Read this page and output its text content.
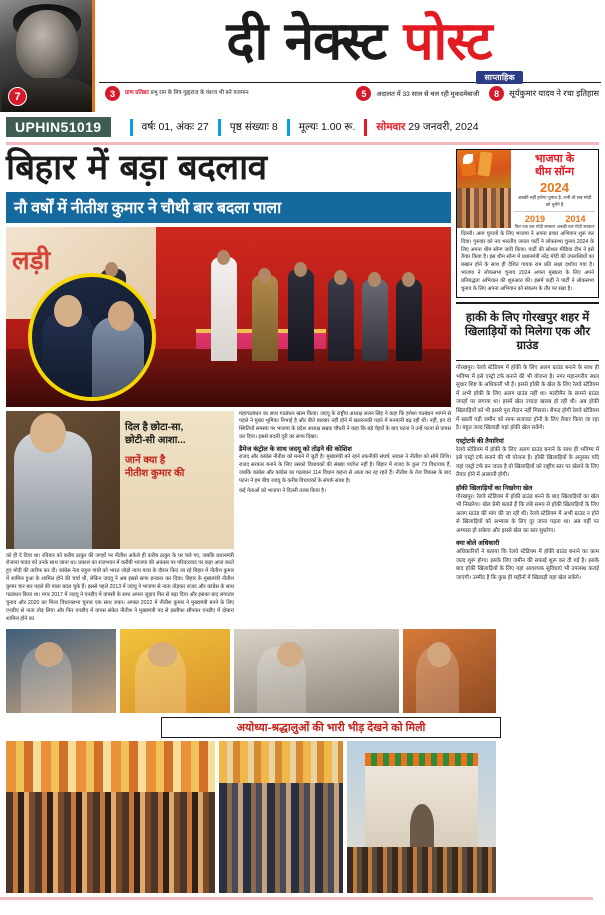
7
दी नेक्स्ट पोस्ट
साप्ताहिक
3	प्राण प्रतिष्ठाः प्रभु राम के मित्र गुह्यराज के वंशज भी बने यजमान	5	अदालत में 33 साल से चल रही मुकदमेबाजी	8	सूर्यकुमार यादव ने रचा इतिहास
UPHIN51019	वर्षः 01, अंकः 27 पृष्ठ संख्याः 8 मूल्यः 1.00 रू. सोमवार 29 जनवरी, 2024
बिहार में बड़ा बदलाव
नौ वर्षों में नीतीश कुमार ने चौथी बार बदला पाला
लड़ी
दिल है छोटा-सा,
छोटी-सी आशा...
जानें क्या है
नीतीश कुमार की
को ही दे दिया था। रविवार को करीब ठाकुर की जगहों पर नीतीश अकेले ही करीब ठाकुर के घर चले गए, जबकि प्रधानमंत्री रोजाना पादव को उनके साथ जाना था। प्रकाश का राजभवन में करीबी भाजपा की अकसर पर परिवारवाद पर कहा आज करते हुए मोदी की तारीफ कर दी। कांग्रेस नेता राहुल गांधी को भारत जोड़ो न्याय यात्रा के दौरान किए जा रहे बिहार में नीतीश कुमार में शामिल हुआ के शामिल होने की चर्चा थी, लेकिन जदयू ने अब इससे साफ इनकार कर दिया। बिहार के मुख्यमंत्री नीतीश कुमार चार बार पहले की पाला बदल चुके हैं। इससे पहले 2013 में जदयू ने भाजपा से नाता तोड़कर राजद और कांग्रेस के साथ गठबंधन किया था। मगर 2017 में जदयू ने एनडीए में वापसी के साथ अपना जुड़ाव फिर से बढ़ा दिया और इसका बाद लगातार चुनाव और 2020 का मिला विधानसभा चुनाव एक साथ जका। अगस्त 2022 में नीतीश कुमार ने मुख्यमंत्री बनने के लिए एनडीए से नाता तोड़ लिया और फिर एनडीए में वापस संकेत नीतीश ने मुख्यमंत्री पद से इस्तीफा सौंपकर एनडीए में दोबारा शामिल होने का
महागठबंधन का साथ गठबंधन खत्म किया। जदयू के राष्ट्रीय अध्यक्ष ललन सिंह ने कहा कि हमेशा गठबंधन भागने से पहले ने मुख्य भूमिका निभाई है और बीते बारबार नहीं होने में खतरनाकी पड़ने में मनमानी बढ़ रही थी। नहीं, इन दो स्थितियों समस्या पर भाजपा के प्रदेश अध्यक्ष सम्राट चौधरी ने कहा कि बड़े चेहरों के बाद घटना ने उन्हें पटना से वापस कर दिया। इससे बदली दूरी का साफ दिखा।
डैमेज कंट्रोल के साथ जदयू को तोड़ने की कोशिश
राजद और कांग्रेस नीतीश को मनाने में जुटी है। मुख्यमंत्री बने रहने तकनीकी संघर्ष, सवाल ने नीतीश को सोमे तिथि। राजद सरकार बनाने के लिए उसको विधायकों की संख्या पर्याप्त नहीं है। बिहार में राजद के कुल 79 विधायक हैं, जबकि कांग्रेस और कांग्रेस का गठबंधन 114 विधान कहना से आता कर रह रहते हैं। नीतीश के तेज विकास के बाद पटना ने हम बीच जदयू के करीब विधायकों के संपर्क साधा है।
कई नेताओं को भाजपा ने दिल्ली तलब किया है।
भाजपा के
थीम सॉन्ग
2024
अबकी नहीं हारेगा चुनाव है, तभी तो सब मोदी को चुनेंगे है
2019
फिर एक बार मोदी सरकार
2014
अबकी बार मोदी सरकार
दिल्ली। आम चुनावों के लिए भाजपा ने अपना प्रचार अभियान शुरू कर दिया। गुरुवार को नव भारतीय जनता पार्टी ने लोकसभा चुनाव 2024 के लिए अपना थीम सॉन्ग जारी किया। पार्टी की सोशल मीडिया टीम ने इसे तैयार किया है। इस थीम सॉन्ग में प्रधानमंत्री नरेंद्र मोदी की उपलब्धियों का बखान होने के साथ ही देशित गायक राम प्रति लक्ष्य दर्शाया गया है। भाजपा ने लोकसभा चुनाव 2024 अपना मुख्यत्व के लिए अपने प्रतिबद्धता अभियान की शुरुआत की। इसमें कहीं ने पार्टी ने लोकसभा चुनाव के लिए अपना अभियान को संकल्प के तौर पर रखा है।
हाकी के लिए गोरखपुर शहर में खिलाड़ियों को मिलेगा एक और ग्राउंड
गोरखपुर। रेलवे स्टेडियम में हॉकी के लिए अलग ग्राउंड बनाने के साथ ही भविष्य में इसे एस्ट्रो टर्फ बनाने की भी योजना है। नगर महानगरीय स्थल सुधार शिष्ट के अधिकारी भी है। इससे हॉकी के खेल के लिए रेलवे स्टेडियम में अभी हॉकी के लिए अलग ग्राउंड नहीं था। मल्टीमैन के सामने ग्राउंड जगहों पर लगाया था। इसमें खेल ज्यादा खराब हो रही थी। अब हॉकी खिलाड़ियों को भी इससे पूरा मैदान नहीं मिलता। सैफद होगी रेलवे स्टेडियम में खाली पड़ी जमीन को साफ सजावट होनी के लिए तैयार किया जा रहा है। बहुत जल्द खिलाड़ी यहां हॉकी खेल सकेंगे।
एस्ट्रोटर्फ की तैयारियां
रेलवे स्टेडियम में हॉकी के लिए अलग ग्राउंड बनाने के साथ ही भविष्य में इसे एस्ट्रो टर्फ बनाने की भी योजना है। हॉकी खिलाड़ियों के अनुसार यदि यहां एस्ट्रो टर्फ बन जाता है तो खिलाड़ियों को राष्ट्रीय स्तर पर खेलने के लिए तैयार होने में आसानी होगी।
हॉकी खिलाड़ियों का निखरेगा खेल
गोरखपुर। रेलवे स्टेडियम में हॉकी ग्राउंड बनने के बाद खिलाड़ियों का खेल भी निखरेगा। खेल प्रेमी बताते हैं कि लंबे समय से हॉकी खिलाड़ियों के लिए अलग ग्राउंड की मांग की जा रही थी। रेलवे स्टेडियम में अभी ग्राउंड न होने से खिलाड़ियों को अभ्यास के लिए दूर जाना पड़ता था। अब यहीं पर अभ्यास हो सकेगा और इससे खेल का स्तर सुधरेगा।
क्या बोले अधिकारी
अधिकारियों ने बताया कि रेलवे स्टेडियम में हॉकी ग्राउंड बनाने का काम जल्द शुरू होगा। इसके लिए जमीन की सफाई शुरू कर दी गई है। इसके बाद हॉकी खिलाड़ियों के लिए यहां आवश्यक सुविधाएं भी उपलब्ध कराई जाएंगी। उम्मीद है कि कुछ ही महीनों में खिलाड़ी यहां खेल सकेंगे।
अयोध्या-श्रद्धालुओं की भारी भीड़ देखने को मिली
